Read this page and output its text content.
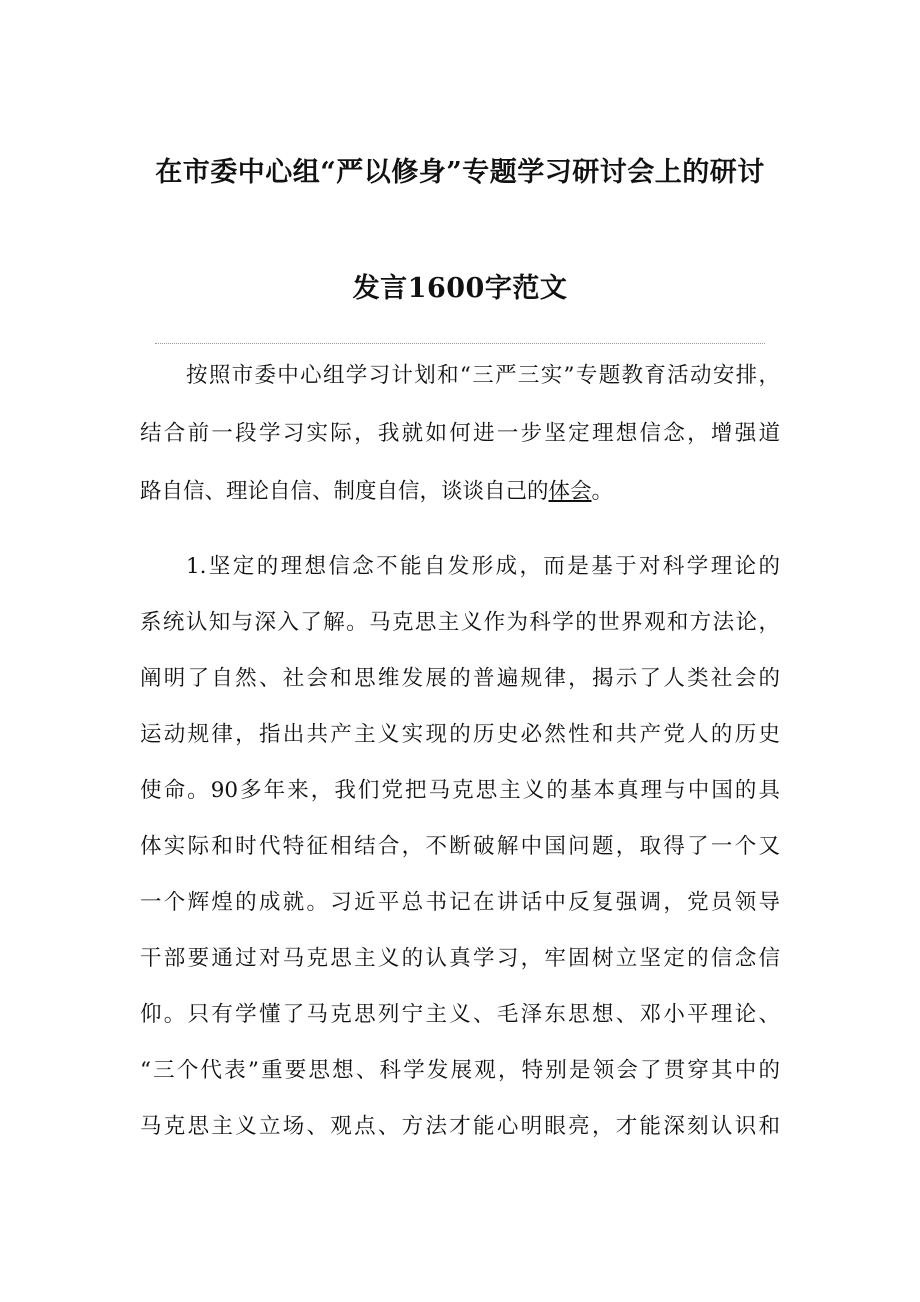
在市委中心组“严以修身”专题学习研讨会上的研讨
发言1600字范文
按照市委中心组学习计划和“三严三实”专题教育活动安排，
结合前一段学习实际，我就如何进一步坚定理想信念，增强道
路自信、理论自信、制度自信，谈谈自己的体会。
1.坚定的理想信念不能自发形成，而是基于对科学理论的
系统认知与深入了解。马克思主义作为科学的世界观和方法论，
阐明了自然、社会和思维发展的普遍规律，揭示了人类社会的
运动规律，指出共产主义实现的历史必然性和共产党人的历史
使命。90多年来，我们党把马克思主义的基本真理与中国的具
体实际和时代特征相结合，不断破解中国问题，取得了一个又
一个辉煌的成就。习近平总书记在讲话中反复强调，党员领导
干部要通过对马克思主义的认真学习，牢固树立坚定的信念信
仰。只有学懂了马克思列宁主义、毛泽东思想、邓小平理论、
“三个代表”重要思想、科学发展观，特别是领会了贯穿其中的
马克思主义立场、观点、方法才能心明眼亮，才能深刻认识和
